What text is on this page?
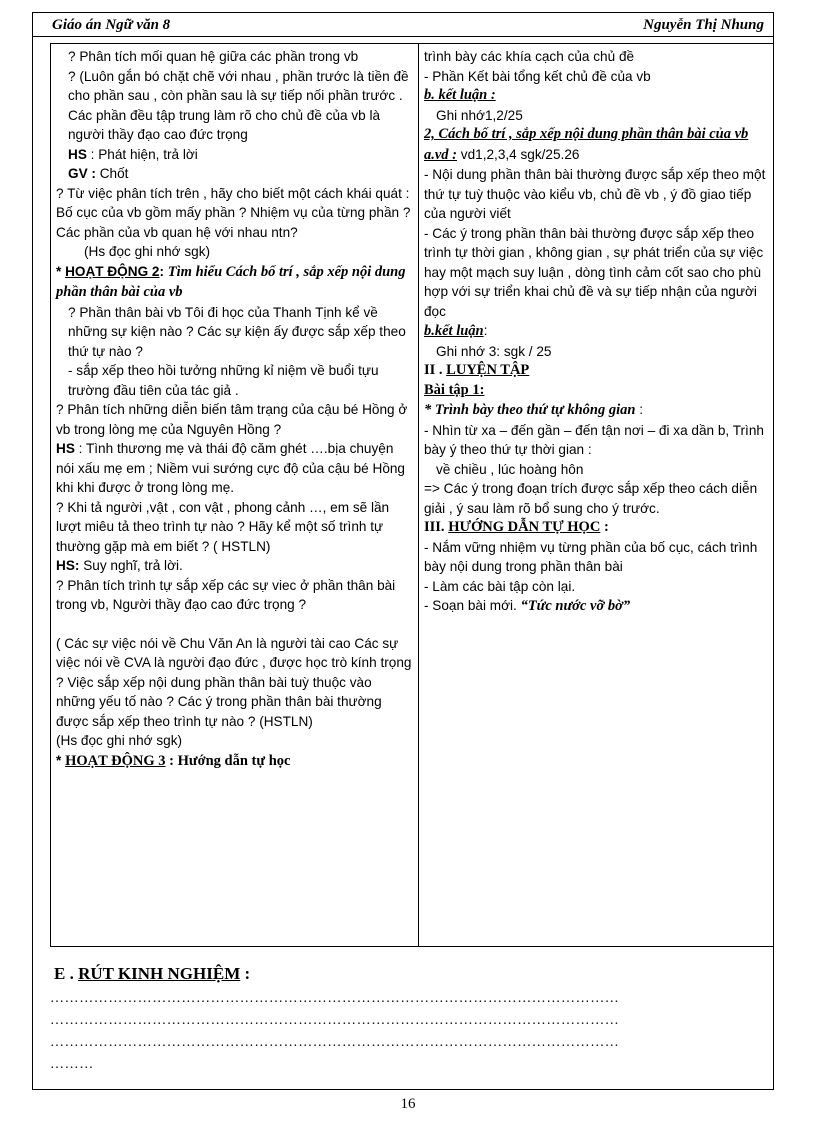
Giáo án Ngữ văn 8	Nguyễn Thị Nhung
? Phân tích mối quan hệ giữa các phần trong vb
? (Luôn gắn bó chặt chẽ với nhau , phần trước là tiền đề cho phần sau , còn phần sau là sự tiếp nối phần trước . Các phần đều tập trung làm rõ cho chủ đề của vb là người thầy đạo cao đức trọng
HS : Phát hiện, trả lời
GV : Chốt
? Từ việc phân tích trên , hãy cho biết một cách khái quát : Bố cục của vb gồm mấy phần ? Nhiệm vụ của từng phần ? Các phần của vb quan hệ với nhau ntn?
(Hs đọc ghi nhớ sgk)
* HOẠT ĐỘNG 2: Tìm hiểu Cách bố trí , sắp xếp nội dung phần thân bài của vb
? Phần thân bài vb Tôi đi học của Thanh Tịnh kể về những sự kiện nào ? Các sự kiện ấy được sắp xếp theo thứ tự nào ?
- sắp xếp theo hồi tưởng những kỉ niệm về buổi tựu trường đầu tiên của tác giả .
? Phân tích những diễn biến tâm trạng của cậu bé Hồng ở vb trong lòng mẹ của Nguyên Hồng ?
HS : Tình thương mẹ và thái độ căm ghét ….bịa chuyện nói xấu mẹ em ; Niềm vui sướng cực độ của cậu bé Hồng khi khi được ở trong lòng mẹ.
? Khi tả người ,vật , con vật , phong cảnh …, em sẽ lần lượt miêu tả theo trình tự nào ? Hãy kể một số trình tự thường gặp mà em biết ? ( HSTLN)
HS: Suy nghĩ, trả lời.
? Phân tích trình tự sắp xếp các sự viec ở phần thân bài trong vb, Người thầy đạo cao đức trọng ?
( Các sự việc nói về Chu Văn An là người tài cao Các sự việc nói về CVA là người đạo đức , được học trò kính trọng
? Việc sắp xếp nội dung phần thân bài tuỳ thuộc vào những yếu tố nào ? Các ý trong phần thân bài thường được sắp xếp theo trình tự nào ? (HSTLN)
(Hs đọc ghi nhớ sgk)
* HOẠT ĐỘNG 3 : Hướng dẫn tự học
trình bày các khía cạch của chủ đề
- Phần Kết bài tổng kết chủ đề của vb
b. kết luận :
Ghi nhớ1,2/25
2, Cách bố trí , sắp xếp nội dung phần thân bài của vb
a.vd : vd1,2,3,4 sgk/25.26
- Nội dung phần thân bài thường được sắp xếp theo một thứ tự tuỳ thuộc vào kiểu vb, chủ đề vb , ý đồ giao tiếp của người viết
- Các ý trong phần thân bài thường được sắp xếp theo trình tự thời gian , không gian , sự phát triển của sự việc hay một mạch suy luận , dòng tình cảm cốt sao cho phù hợp với sự triển khai chủ đề và sự tiếp nhận của người đọc
b.kết luận:
Ghi nhớ 3: sgk / 25
II . LUYỆN TẬP
Bài tập 1:
* Trình bày theo thứ tự không gian :
- Nhìn từ xa – đến gần – đến tận nơi – đi xa dần b, Trình bày ý theo thứ tự thời gian :
về chiều , lúc hoàng hôn
=> Các ý trong đoạn trích được sắp xếp theo cách diễn giải , ý sau làm rõ bổ sung cho ý trước.
III. HƯỚNG DẪN TỰ HỌC :
- Nắm vững nhiệm vụ từng phần của bố cục, cách trình bày nội dung trong phần thân bài
- Làm các bài tập còn lại.
- Soạn bài mới. “Tức nước vỡ bờ”
E . RÚT KINH NGHIỆM :
………………………………………………………………………………………………………
………………………………………………………………………………………………………
………………………………………………………………………………………………………
………
16
